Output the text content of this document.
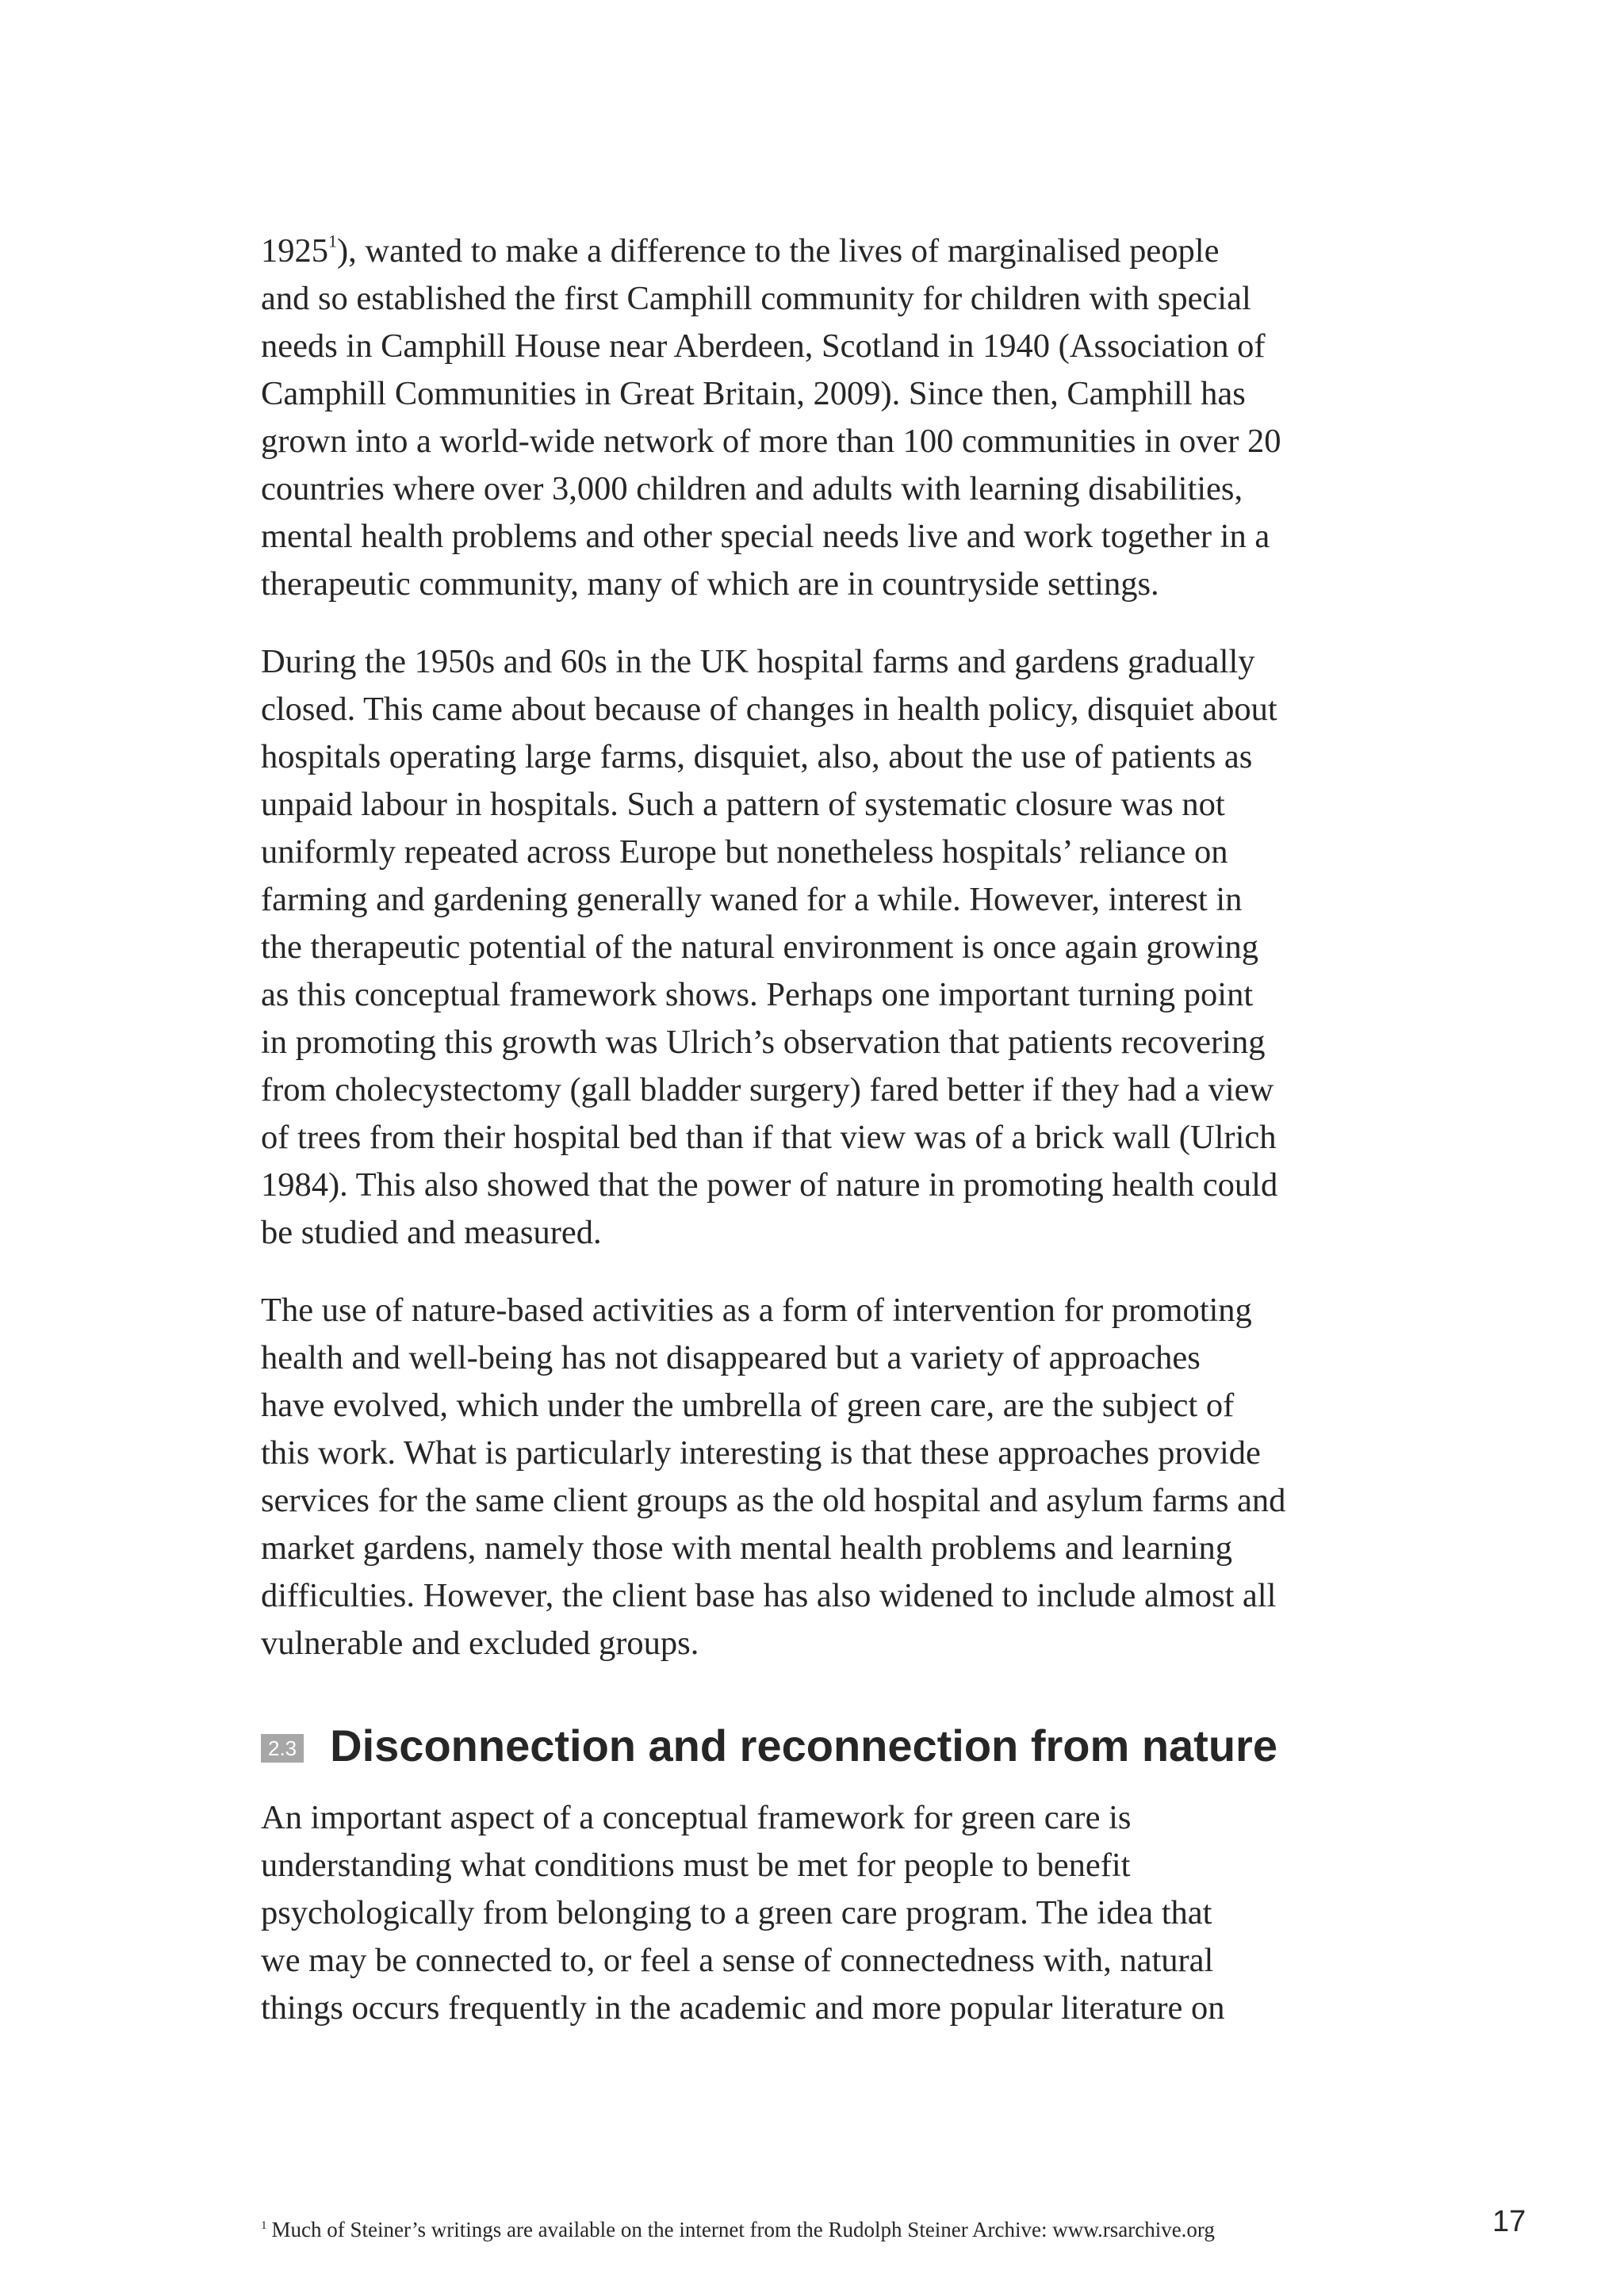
1925$^1$), wanted to make a difference to the lives of marginalised people
and so established the first Camphill community for children with special
needs in Camphill House near Aberdeen, Scotland in 1940 (Association of
Camphill Communities in Great Britain, 2009). Since then, Camphill has
grown into a world-wide network of more than 100 communities in over 20
countries where over 3,000 children and adults with learning disabilities,
mental health problems and other special needs live and work together in a
therapeutic community, many of which are in countryside settings.

During the 1950s and 60s in the UK hospital farms and gardens gradually
closed. This came about because of changes in health policy, disquiet about
hospitals operating large farms, disquiet, also, about the use of patients as
unpaid labour in hospitals. Such a pattern of systematic closure was not
uniformly repeated across Europe but nonetheless hospitals’ reliance on
farming and gardening generally waned for a while. However, interest in
the therapeutic potential of the natural environment is once again growing
as this conceptual framework shows. Perhaps one important turning point
in promoting this growth was Ulrich’s observation that patients recovering
from cholecystectomy (gall bladder surgery) fared better if they had a view
of trees from their hospital bed than if that view was of a brick wall (Ulrich
1984). This also showed that the power of nature in promoting health could
be studied and measured.

The use of nature-based activities as a form of intervention for promoting
health and well-being has not disappeared but a variety of approaches
have evolved, which under the umbrella of green care, are the subject of
this work. What is particularly interesting is that these approaches provide
services for the same client groups as the old hospital and asylum farms and
market gardens, namely those with mental health problems and learning
difficulties. However, the client base has also widened to include almost all
vulnerable and excluded groups.

2.3 Disconnection and reconnection from nature

An important aspect of a conceptual framework for green care is
understanding what conditions must be met for people to benefit
psychologically from belonging to a green care program. The idea that
we may be connected to, or feel a sense of connectedness with, natural
things occurs frequently in the academic and more popular literature on

$^1$ Much of Steiner’s writings are available on the internet from the Rudolph Steiner Archive: www.rsarchive.org	17
